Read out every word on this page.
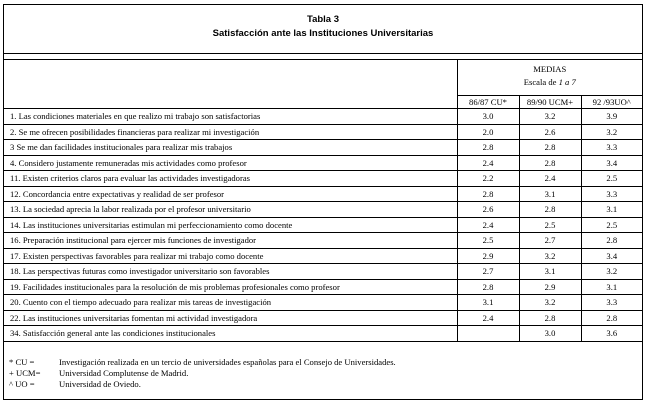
Tabla 3
Satisfacción ante las Instituciones Universitarias

	MEDIAS
Escala de 1 a 7		

	86/87 CU*	89/90 UCM+	92 /93UO^
1. Las condiciones materiales en que realizo mi trabajo son satisfactorias	3.0	3.2	3.9
2. Se me ofrecen posibilidades financieras para realizar mi investigación	2.0	2.6	3.2
3 Se me dan facilidades institucionales para realizar mis trabajos	2.8	2.8	3.3
4. Considero justamente remuneradas mis actividades como profesor	2.4	2.8	3.4
11. Existen criterios claros para evaluar las actividades investigadoras	2.2	2.4	2.5
12. Concordancia entre expectativas y realidad de ser profesor	2.8	3.1	3.3
13. La sociedad aprecia la labor realizada por el profesor universitario	2.6	2.8	3.1
14. Las instituciones universitarias estimulan mi perfeccionamiento como docente	2.4	2.5	2.5
16. Preparación institucional para ejercer mis funciones de investigador	2.5	2.7	2.8
17. Existen perspectivas favorables para realizar mi trabajo como docente	2.9	3.2	3.4
18. Las perspectivas futuras como investigador universitario son favorables	2.7	3.1	3.2
19. Facilidades institucionales para la resolución de mis problemas profesionales como profesor	2.8	2.9	3.1
20. Cuento con el tiempo adecuado para realizar mis tareas de investigación	3.1	3.2	3.3
22. Las instituciones universitarias fomentan mi actividad investigadora	2.4	2.8	2.8
34. Satisfacción general ante las condiciones institucionales		3.0	3.6
* CU =	Investigación realizada en un tercio de universidades españolas para el Consejo de Universidades.
+ UCM= Universidad Complutense de Madrid.
^ UO =	Universidad de Oviedo.
